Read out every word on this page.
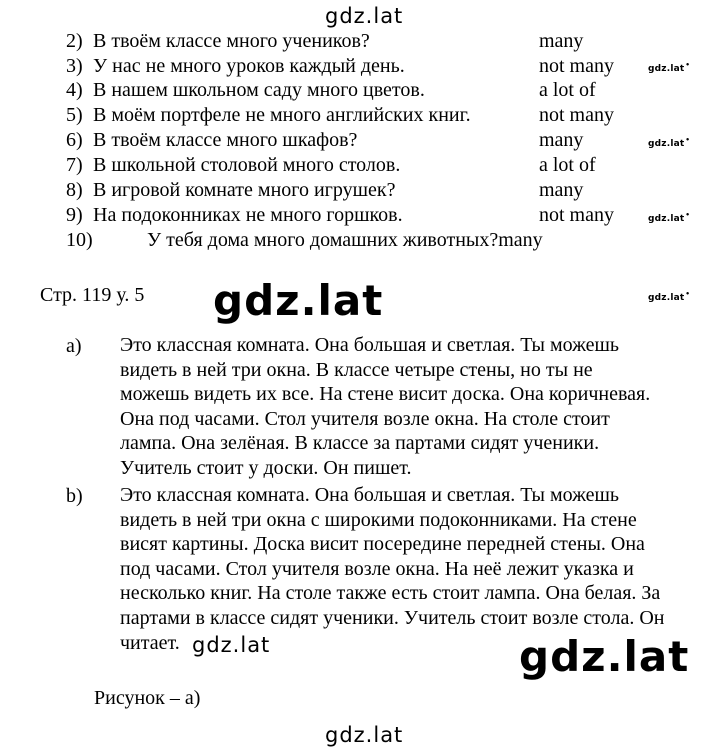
gdz.lat
2) В твоём классе много учеников?	many
3) У нас не много уроков каждый день.	not many
4) В нашем школьном саду много цветов.	a lot of
5) В моём портфеле не много английских книг.	not many
6) В твоём классе много шкафов?	many
7) В школьной столовой много столов.	a lot of
8) В игровой комнате много игрушек?	many
9) На подоконниках не много горшков.	not many
10)	У тебя дома много домашних животных?many
gdz.lat •
gdz.lat •
gdz.lat •
gdz.lat •
Стр. 119 у. 5 gdz.lat
a) Это классная комната. Она большая и светлая. Ты можешь
видеть в ней три окна. В классе четыре стены, но ты не
можешь видеть их все. На стене висит доска. Она коричневая.
Она под часами. Стол учителя возле окна. На столе стоит
лампа. Она зелёная. В классе за партами сидят ученики.
Учитель стоит у доски. Он пишет.
b) Это классная комната. Она большая и светлая. Ты можешь
видеть в ней три окна с широкими подоконниками. На стене
висят картины. Доска висит посередине передней стены. Она
под часами. Стол учителя возле окна. На неё лежит указка и
несколько книг. На столе также есть стоит лампа. Она белая. За
партами в классе сидят ученики. Учитель стоит возле стола. Он
читает. gdz.lat	gdz.lat
Рисунок – а)
gdz.lat
